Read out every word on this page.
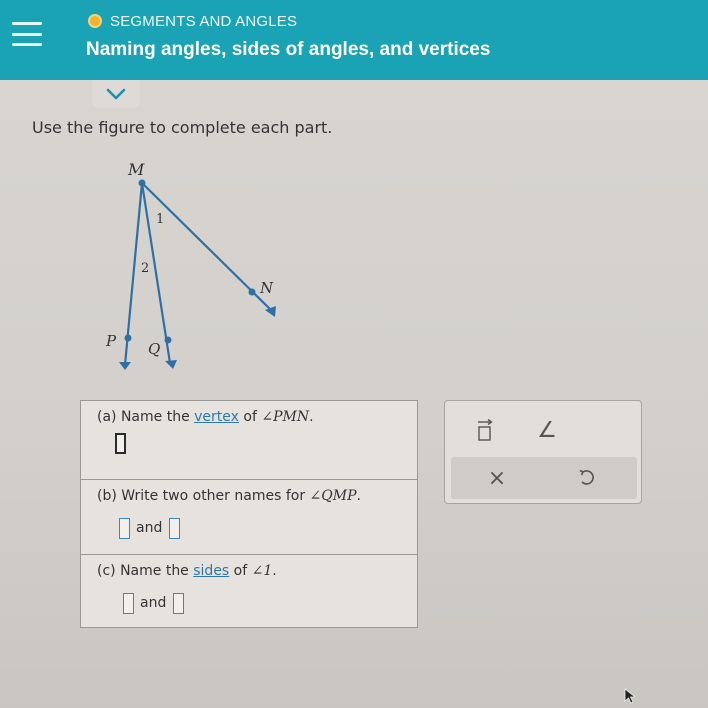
SEGMENTS AND ANGLES
Naming angles, sides of angles, and vertices
Use the figure to complete each part.
M
1
2
N
P Q
(a) Name the vertex of ∠PMN.
(b) Write two other names for ∠QMP.
and
(c) Name the sides of ∠1.
and
∠
×
